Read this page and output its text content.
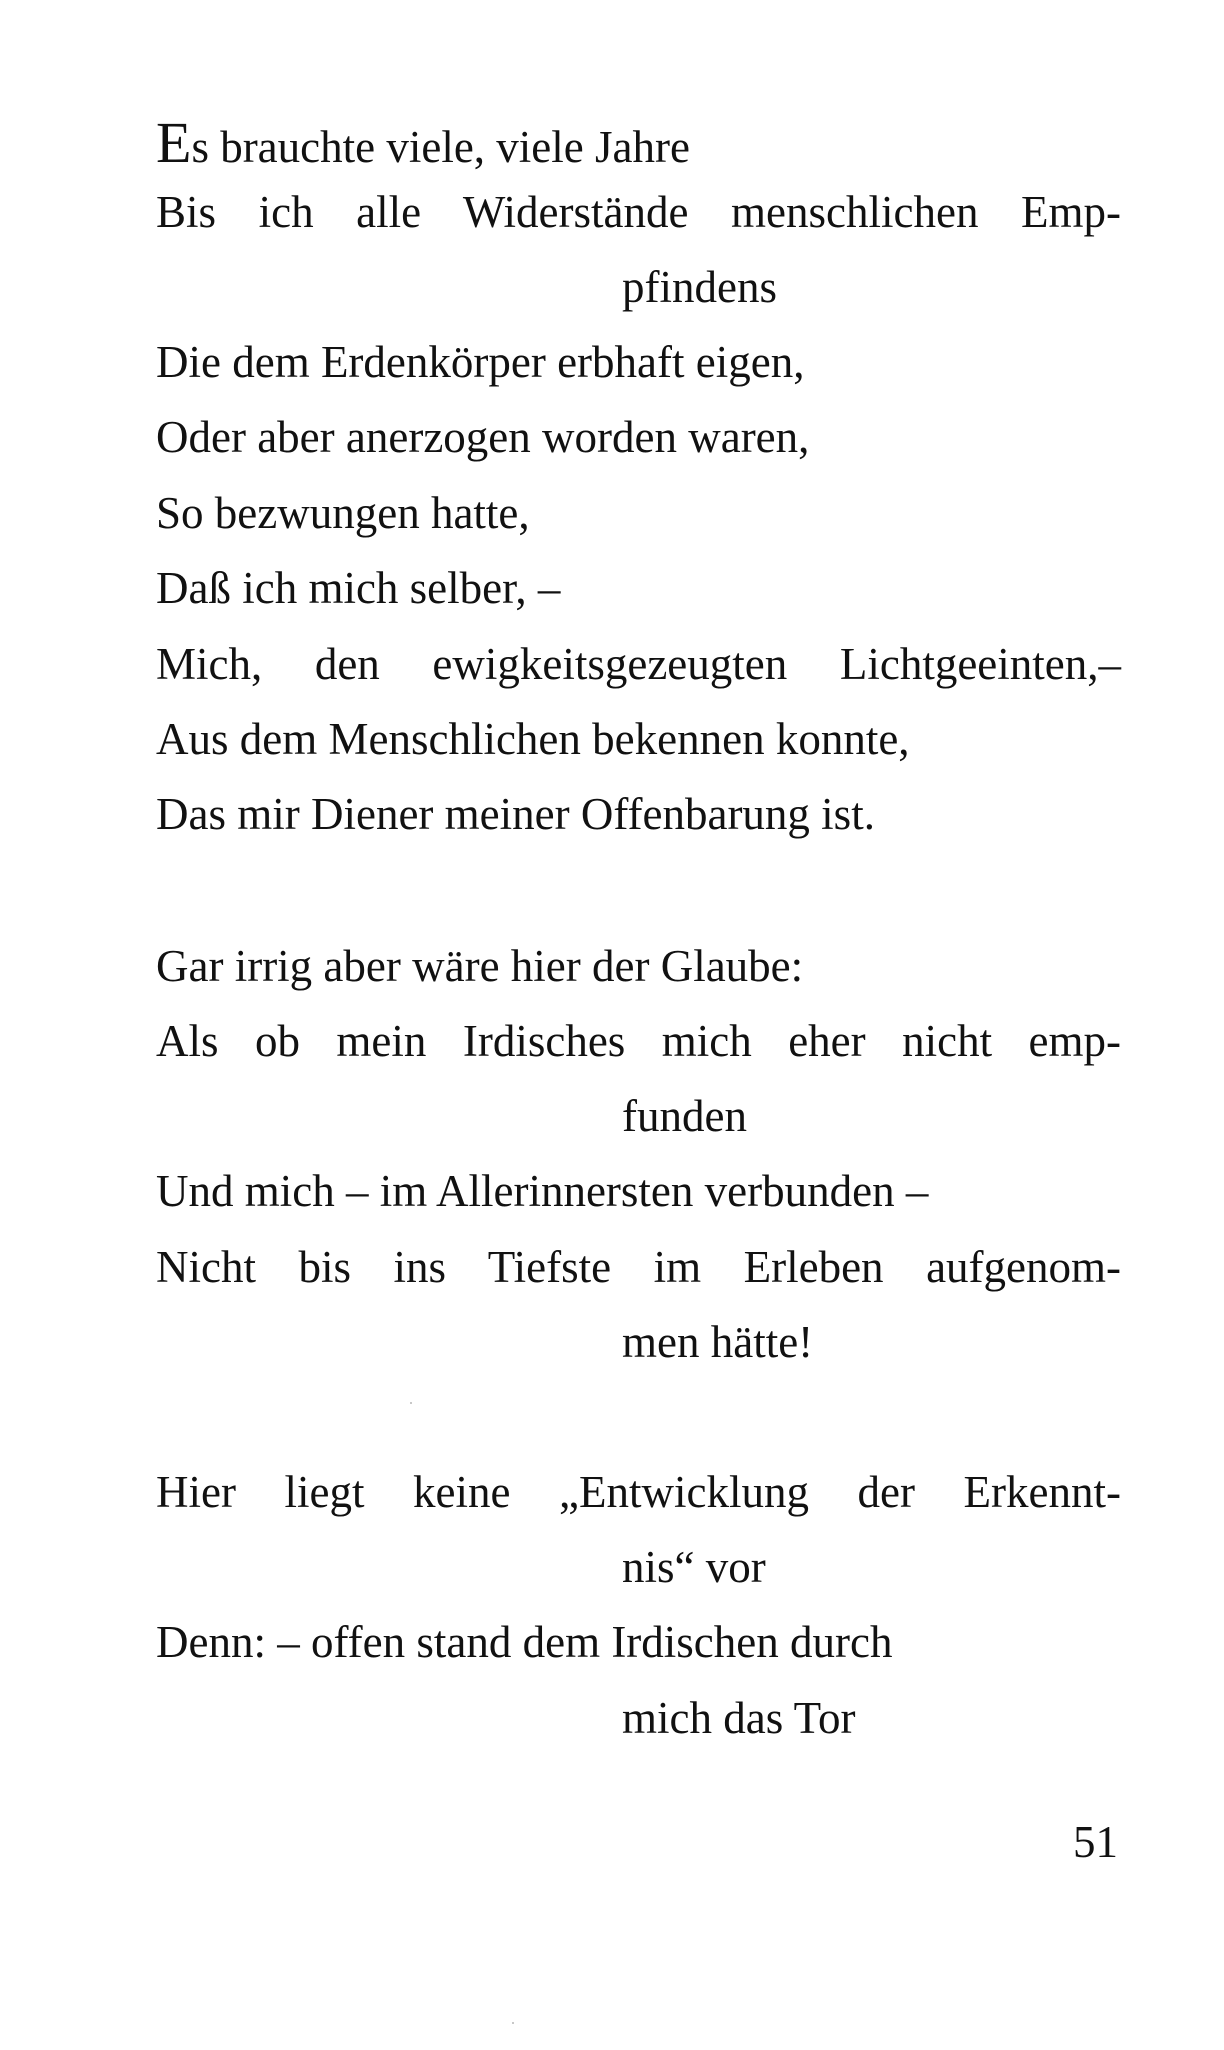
Es brauchte viele, viele Jahre
Bis ich alle Widerstände menschlichen Emp-
pfindens
Die dem Erdenkörper erbhaft eigen,
Oder aber anerzogen worden waren,
So bezwungen hatte,
Daß ich mich selber, –
Mich, den ewigkeitsgezeugten Lichtgeeinten,–
Aus dem Menschlichen bekennen konnte,
Das mir Diener meiner Offenbarung ist.
Gar irrig aber wäre hier der Glaube:
Als ob mein Irdisches mich eher nicht emp-
funden
Und mich – im Allerinnersten verbunden –
Nicht bis ins Tiefste im Erleben aufgenom-
men hätte!
Hier liegt keine „Entwicklung der Erkennt-
nis“ vor
Denn: – offen stand dem Irdischen durch
mich das Tor
51
